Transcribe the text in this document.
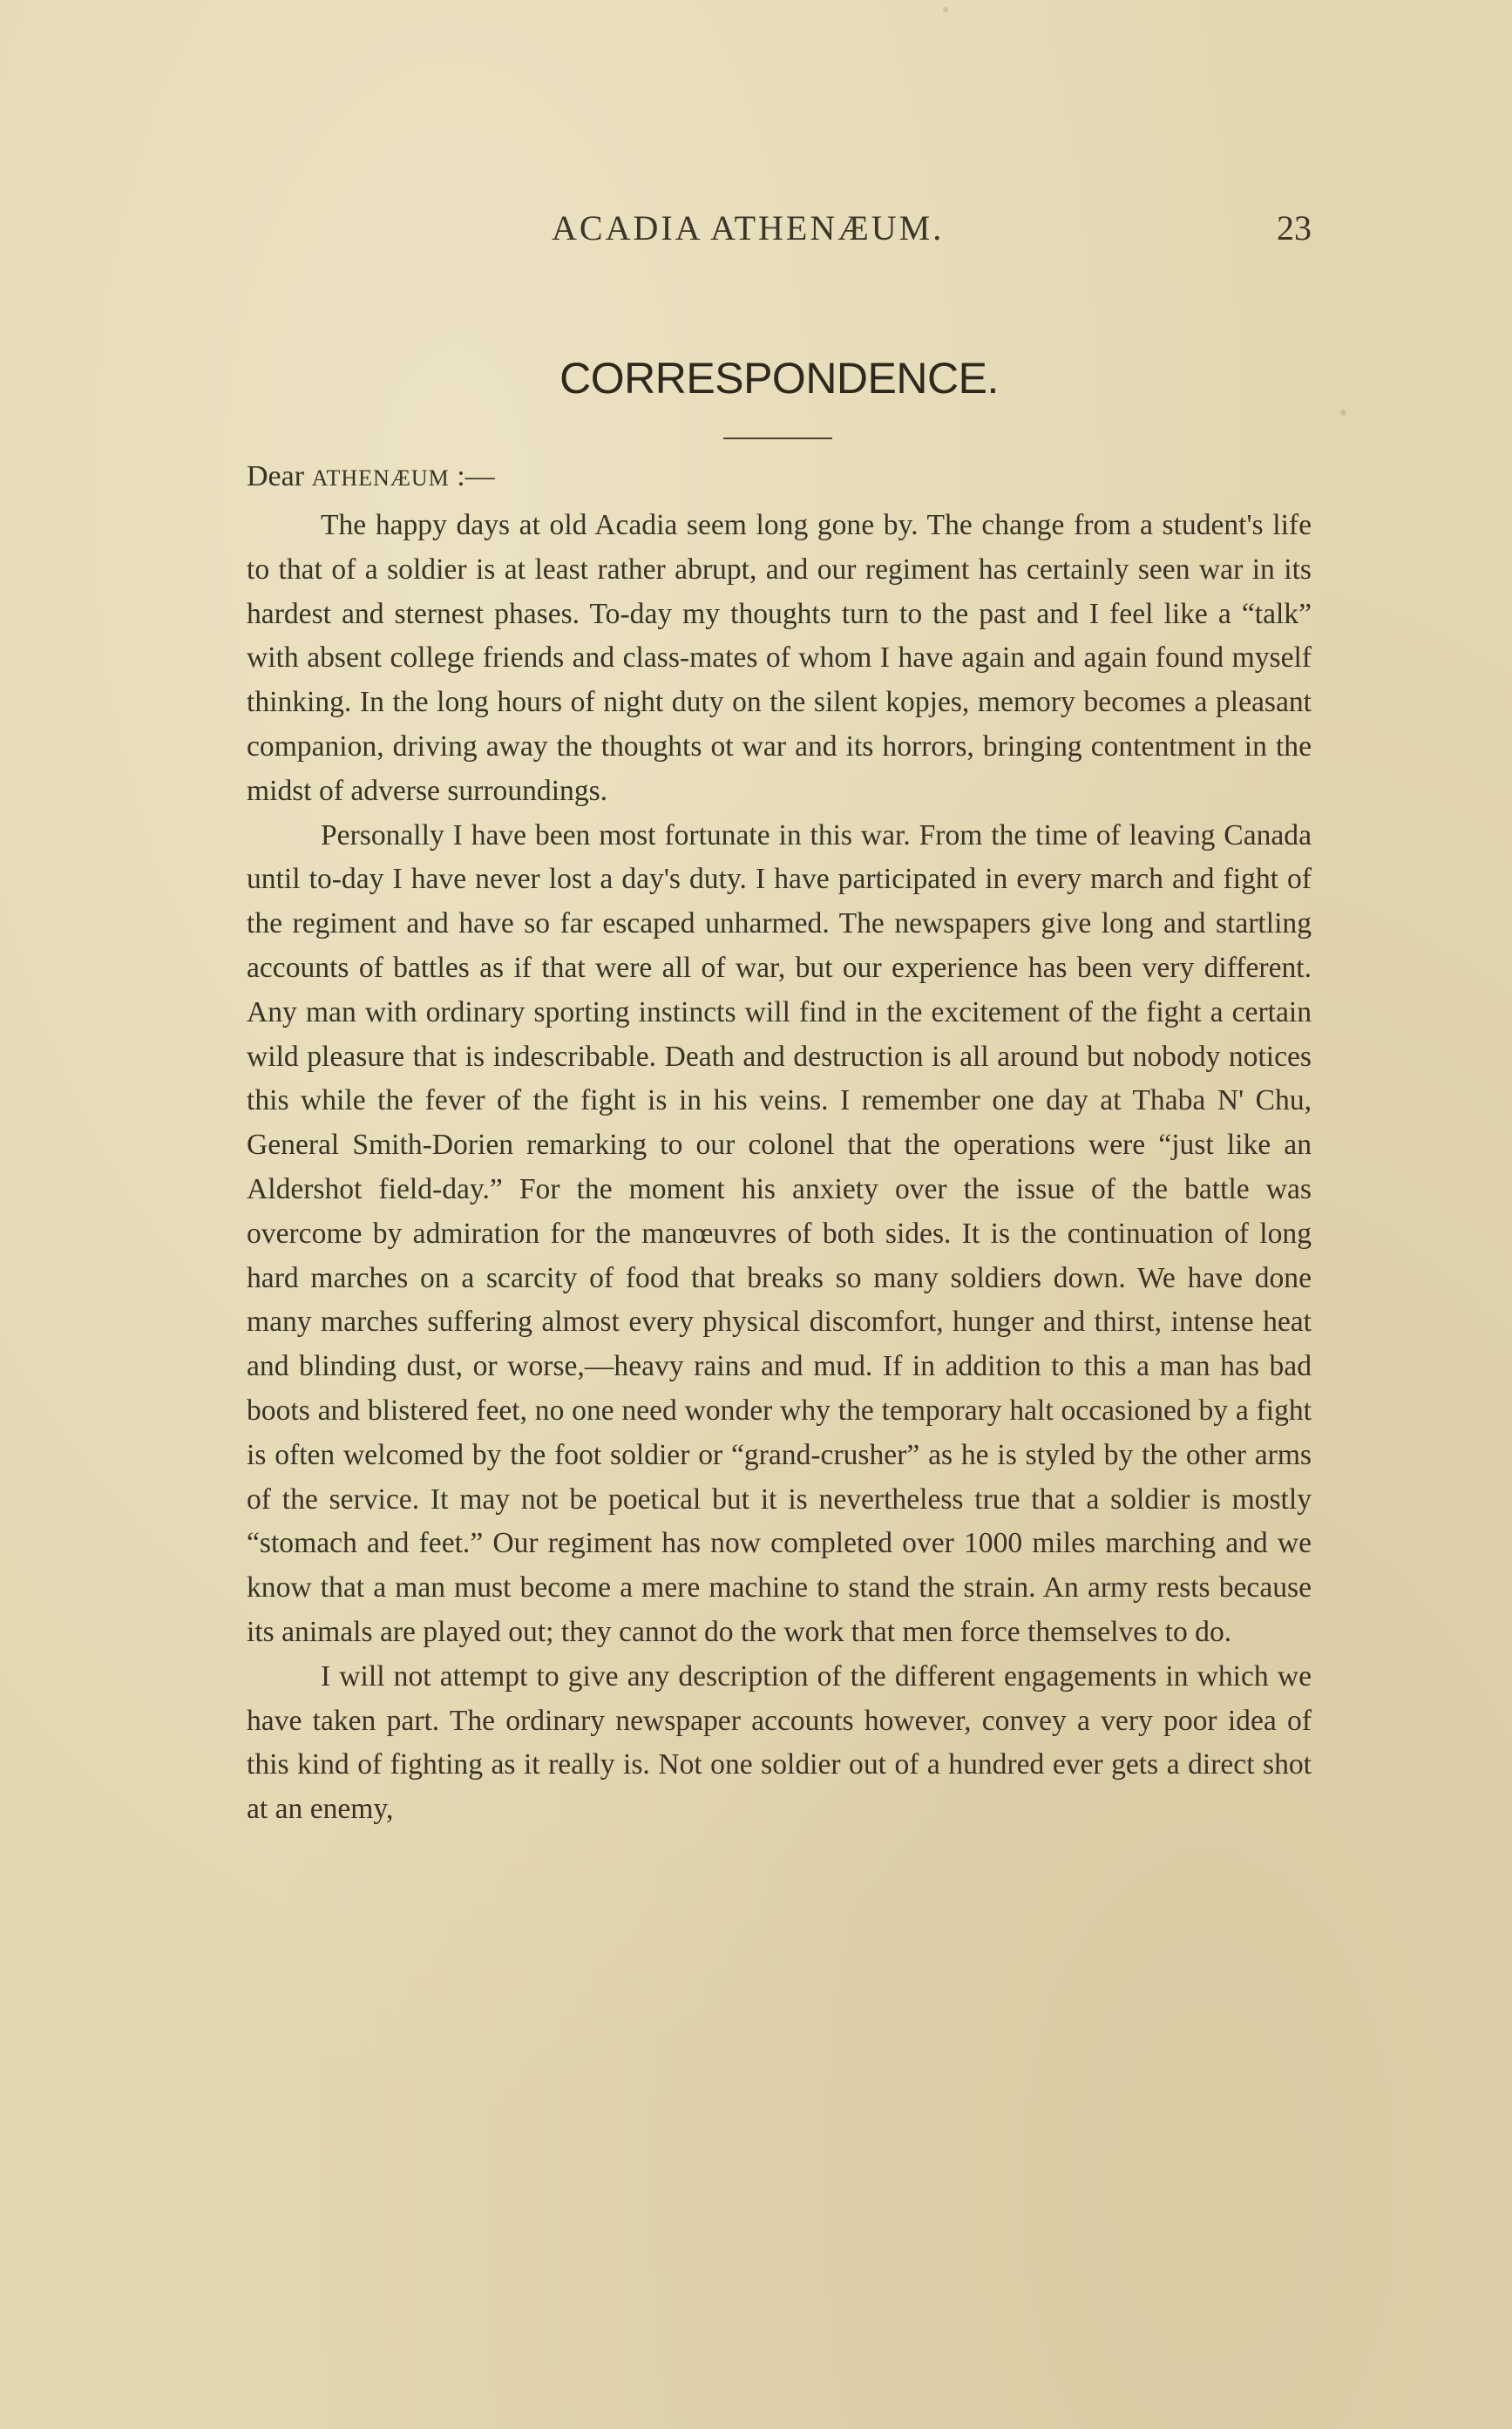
ACADIA ATHENÆUM.	23
CORRESPONDENCE.
Dear ATHENÆUM :—

The happy days at old Acadia seem long gone by. The change from a student's life to that of a soldier is at least rather abrupt, and our regiment has certainly seen war in its hardest and sternest phases. To-day my thoughts turn to the past and I feel like a “talk” with absent college friends and class-mates of whom I have again and again found myself thinking. In the long hours of night duty on the silent kopjes, memory becomes a pleasant companion, driving away the thoughts ot war and its horrors, bringing contentment in the midst of adverse surroundings.

Personally I have been most fortunate in this war. From the time of leaving Canada until to-day I have never lost a day's duty. I have participated in every march and fight of the regiment and have so far escaped unharmed. The newspapers give long and startling accounts of battles as if that were all of war, but our experience has been very different. Any man with ordinary sporting instincts will find in the excitement of the fight a certain wild pleasure that is indescribable. Death and destruction is all around but nobody notices this while the fever of the fight is in his veins. I remember one day at Thaba N' Chu, General Smith-Dorien remarking to our colonel that the operations were “just like an Aldershot field-day.” For the moment his anxiety over the issue of the battle was overcome by admiration for the manœuvres of both sides. It is the continuation of long hard marches on a scarcity of food that breaks so many soldiers down. We have done many marches suffering almost every physical discomfort, hunger and thirst, intense heat and blinding dust, or worse,—heavy rains and mud. If in addition to this a man has bad boots and blistered feet, no one need wonder why the temporary halt occasioned by a fight is often welcomed by the foot soldier or “grand-crusher” as he is styled by the other arms of the service. It may not be poetical but it is nevertheless true that a soldier is mostly “stomach and feet.” Our regiment has now completed over 1000 miles marching and we know that a man must become a mere machine to stand the strain. An army rests because its animals are played out; they cannot do the work that men force themselves to do.

I will not attempt to give any description of the different engagements in which we have taken part. The ordinary newspaper accounts however, convey a very poor idea of this kind of fighting as it really is. Not one soldier out of a hundred ever gets a direct shot at an enemy,
